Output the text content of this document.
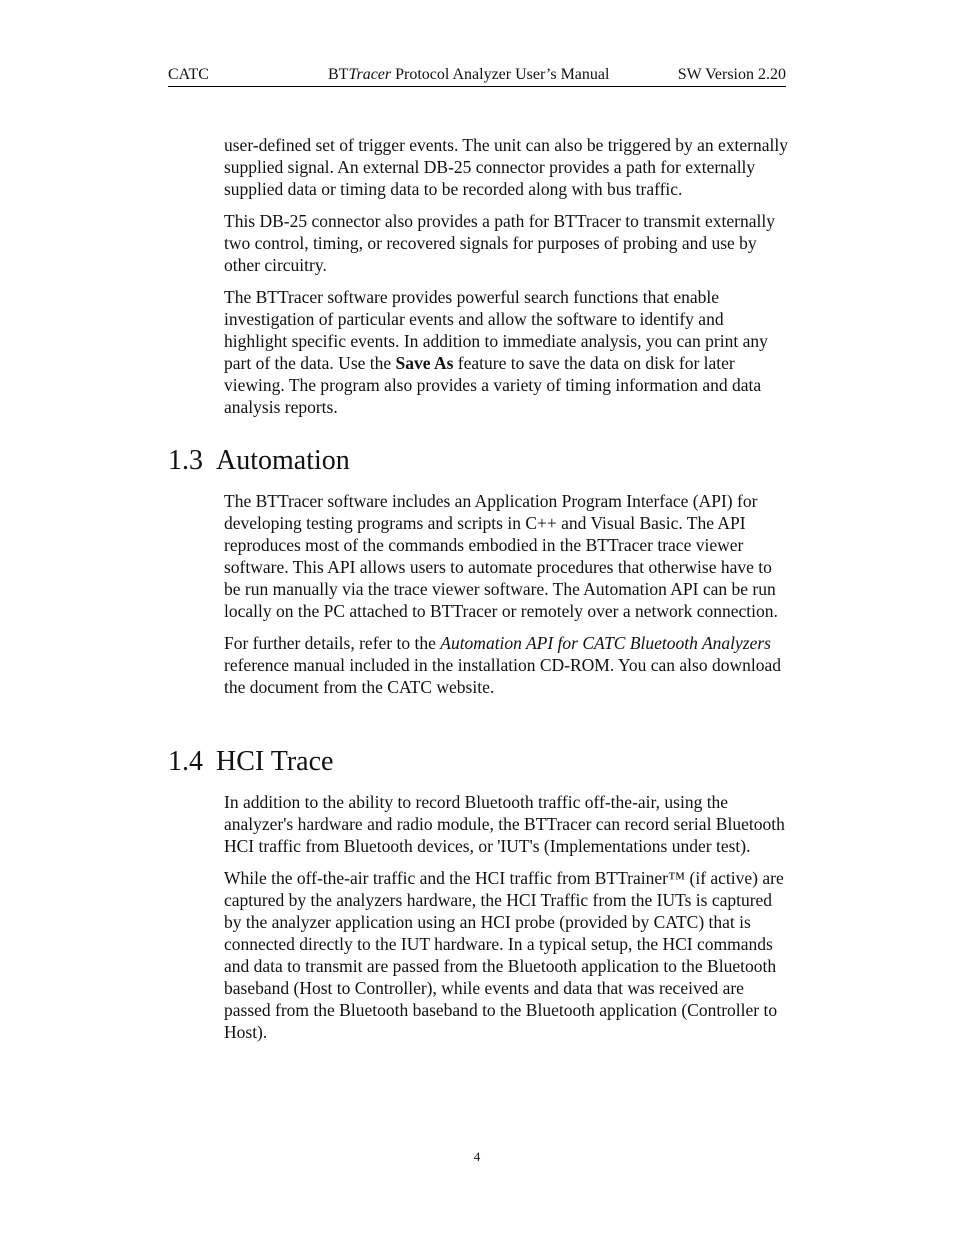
CATC	BTTracer Protocol Analyzer User’s Manual	SW Version 2.20

user-defined set of trigger events. The unit can also be triggered by an externally supplied signal. An external DB-25 connector provides a path for externally supplied data or timing data to be recorded along with bus traffic.

This DB-25 connector also provides a path for BTTracer to transmit externally two control, timing, or recovered signals for purposes of probing and use by other circuitry.

The BTTracer software provides powerful search functions that enable investigation of particular events and allow the software to identify and highlight specific events. In addition to immediate analysis, you can print any part of the data. Use the Save As feature to save the data on disk for later viewing. The program also provides a variety of timing information and data analysis reports.

1.3 Automation

The BTTracer software includes an Application Program Interface (API) for developing testing programs and scripts in C++ and Visual Basic. The API reproduces most of the commands embodied in the BTTracer trace viewer software. This API allows users to automate procedures that otherwise have to be run manually via the trace viewer software. The Automation API can be run locally on the PC attached to BTTracer or remotely over a network connection.

For further details, refer to the Automation API for CATC Bluetooth Analyzers reference manual included in the installation CD-ROM. You can also download the document from the CATC website.

1.4 HCI Trace

In addition to the ability to record Bluetooth traffic off-the-air, using the analyzer's hardware and radio module, the BTTracer can record serial Bluetooth HCI traffic from Bluetooth devices, or 'IUT's (Implementations under test).

While the off-the-air traffic and the HCI traffic from BTTrainer™ (if active) are captured by the analyzers hardware, the HCI Traffic from the IUTs is captured by the analyzer application using an HCI probe (provided by CATC) that is connected directly to the IUT hardware. In a typical setup, the HCI commands and data to transmit are passed from the Bluetooth application to the Bluetooth baseband (Host to Controller), while events and data that was received are passed from the Bluetooth baseband to the Bluetooth application (Controller to Host).

4
